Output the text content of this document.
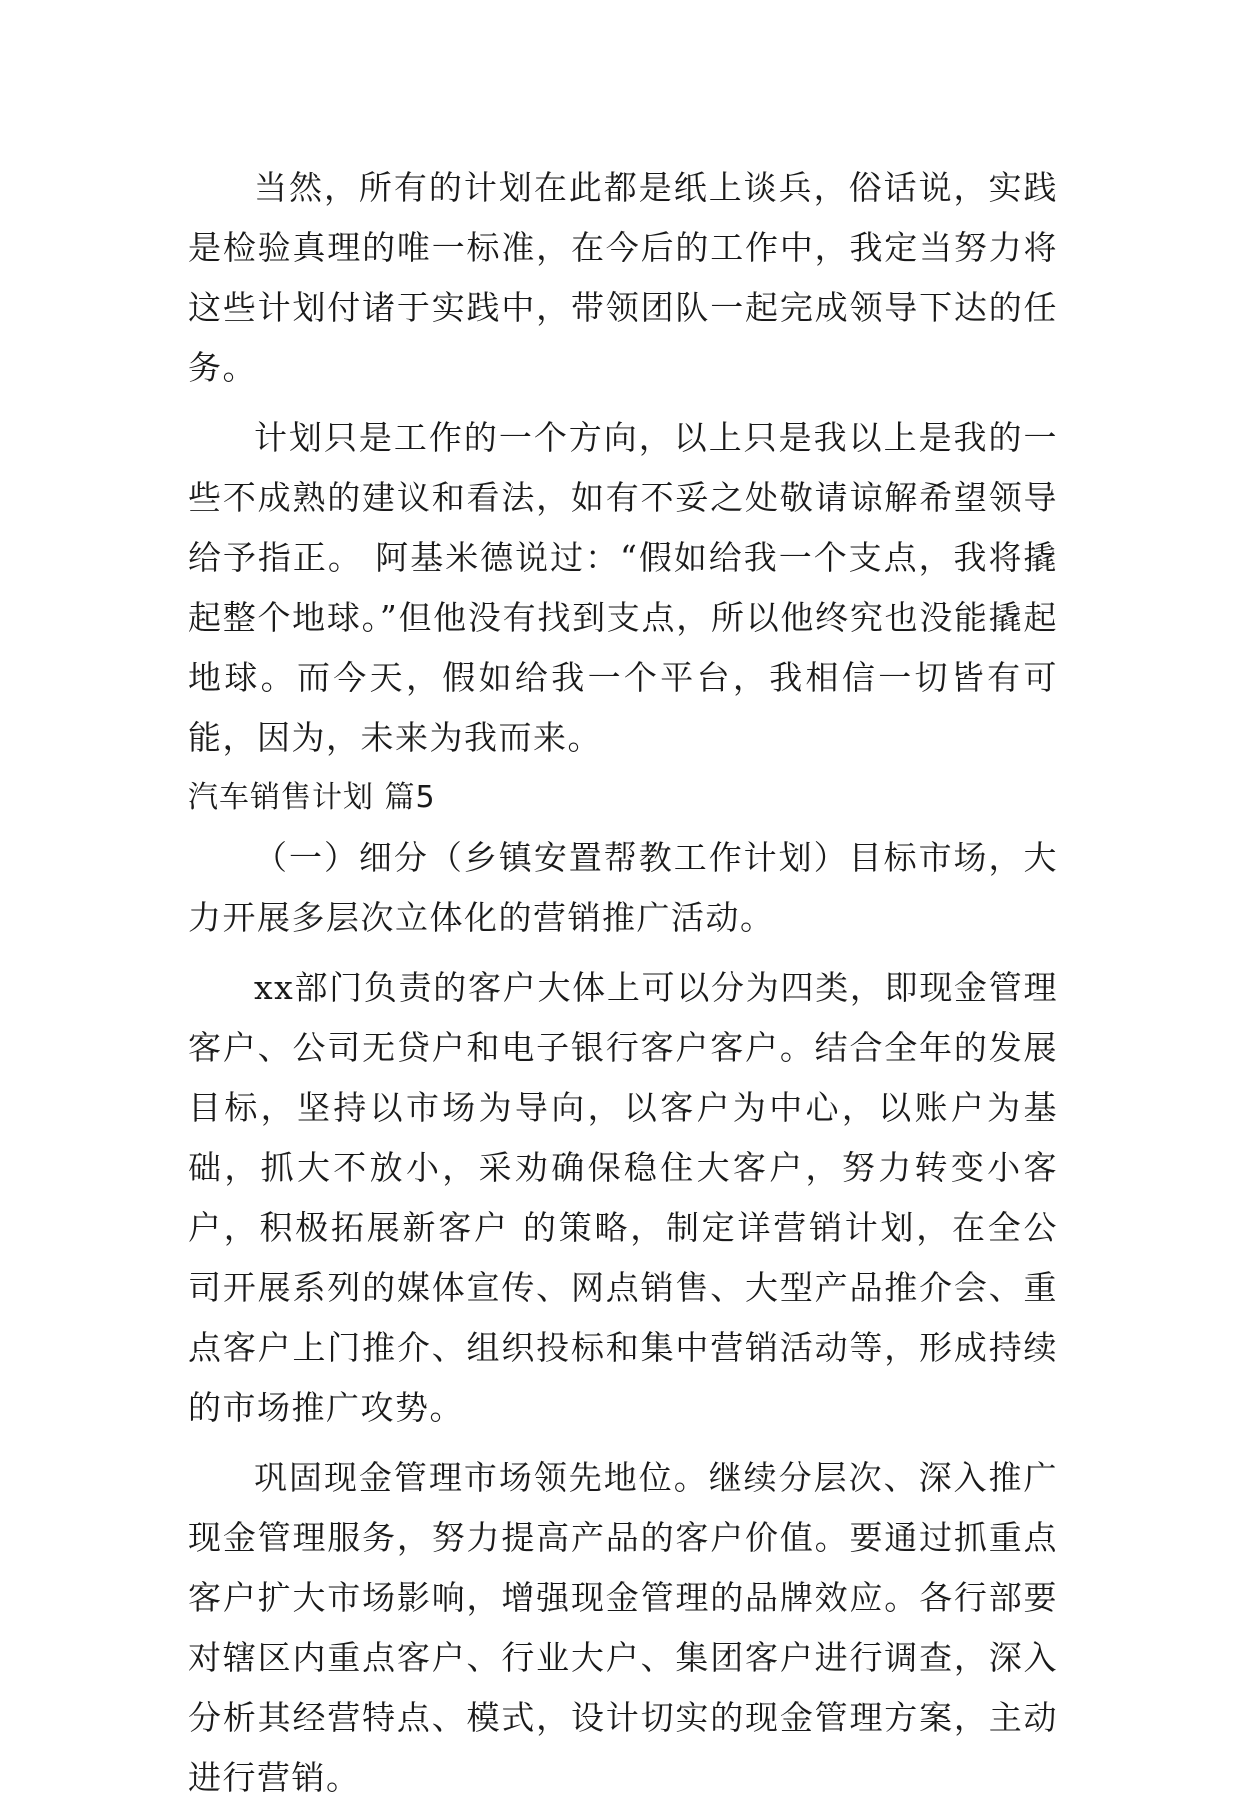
当然，所有的计划在此都是纸上谈兵，俗话说，实践是检验真理的唯一标准，在今后的工作中，我定当努力将这些计划付诸于实践中，带领团队一起完成领导下达的任务。

计划只是工作的一个方向，以上只是我以上是我的一些不成熟的建议和看法，如有不妥之处敬请谅解希望领导给予指正。 阿基米德说过：“假如给我一个支点，我将撬起整个地球。”但他没有找到支点，所以他终究也没能撬起地球。而今天，假如给我一个平台，我相信一切皆有可能，因为，未来为我而来。

汽车销售计划 篇5

（一）细分（乡镇安置帮教工作计划）目标市场，大力开展多层次立体化的营销推广活动。

xx部门负责的客户大体上可以分为四类，即现金管理客户、公司无贷户和电子银行客户客户。结合全年的发展目标，坚持以市场为导向，以客户为中心，以账户为基础，抓大不放小，采劝确保稳住大客户，努力转变小客户，积极拓展新客户 的策略，制定详营销计划，在全公司开展系列的媒体宣传、网点销售、大型产品推介会、重点客户上门推介、组织投标和集中营销活动等，形成持续的市场推广攻势。

巩固现金管理市场领先地位。继续分层次、深入推广现金管理服务，努力提高产品的客户价值。要通过抓重点客户扩大市场影响，增强现金管理的品牌效应。各行部要对辖区内重点客户、行业大户、集团客户进行调查，深入分析其经营特点、模式，设计切实的现金管理方案，主动进行营销。
